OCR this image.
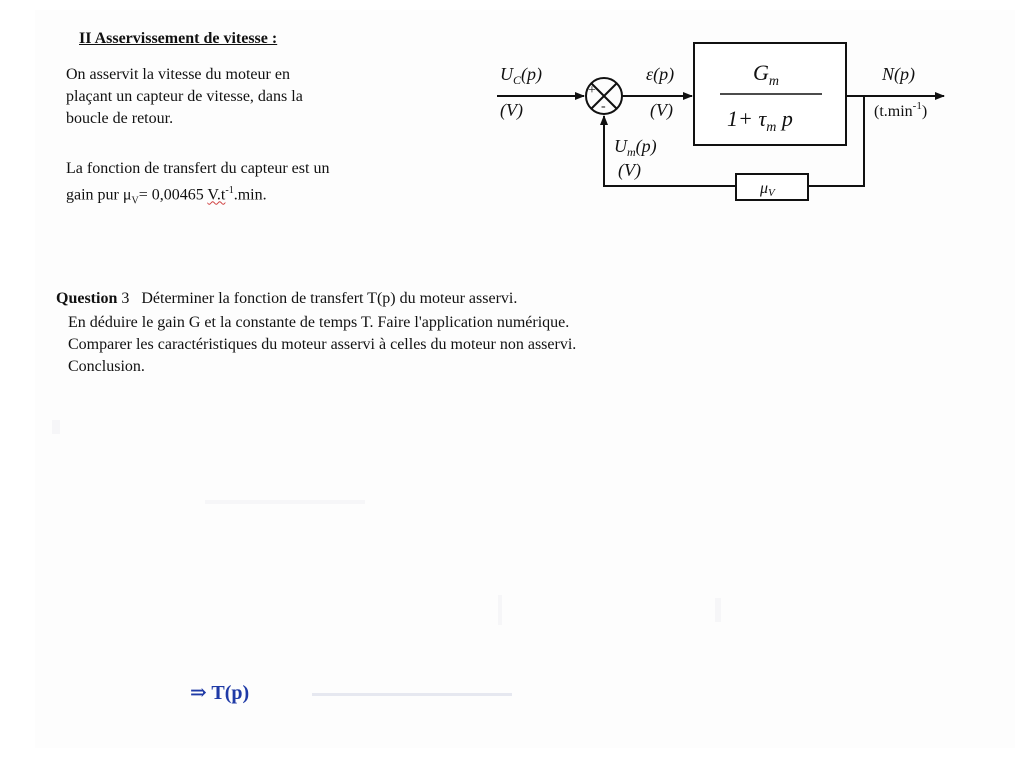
II Asservissement de vitesse :
On asservit la vitesse du moteur en
plaçant un capteur de vitesse, dans la
boucle de retour.
La fonction de transfert du capteur est un
gain pur $\mu_V= 0,00465$ $V.t^{-1}.\min$.
+
-
$G_m$
$1+ \tau_m$ p
μV
$U_C(p)$
(V)
ε(p)
(V)
N(p)
$(t.\min^{-1})$
$U_m(p)$
(V)
Question 3 Déterminer la fonction de transfert T(p) du moteur asservi.
En déduire le gain G et la constante de temps T. Faire l'application numérique.
Comparer les caractéristiques du moteur asservi à celles du moteur non asservi.
Conclusion.
⇒ T(p)
